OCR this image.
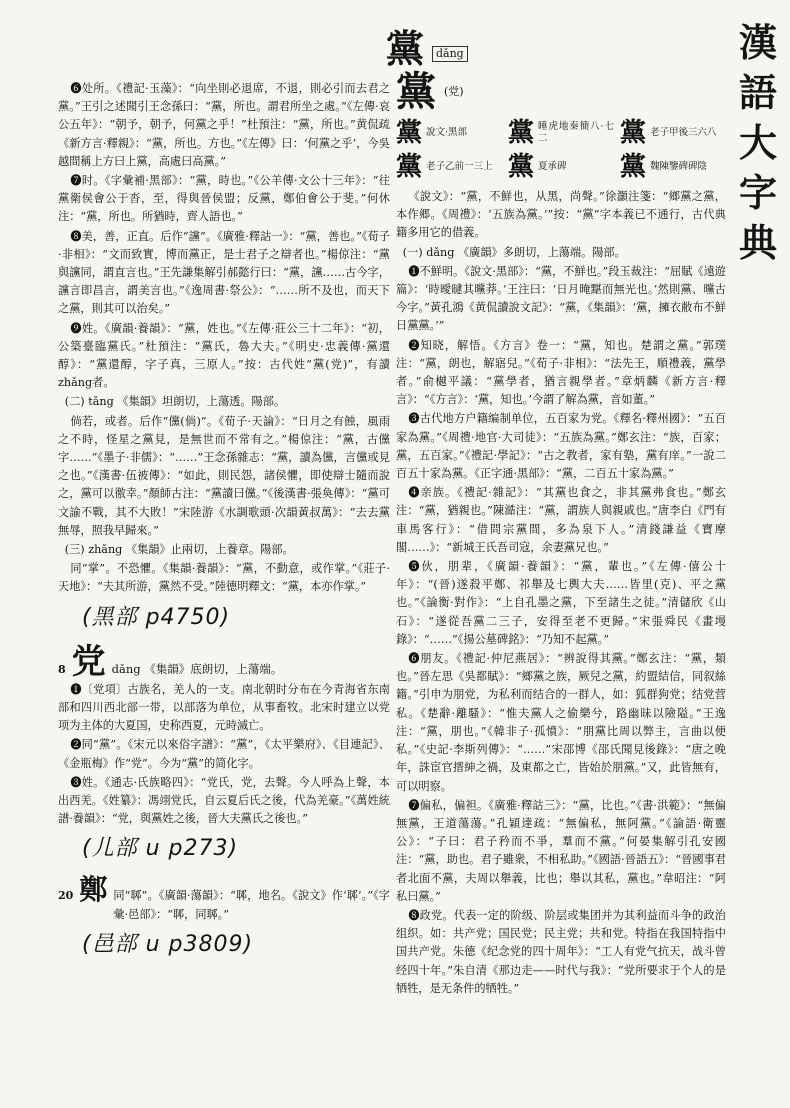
黨 dǎng	漢
語
大
字
典

❻处所。《禮記·玉藻》：“向坐則必退席，不退，則必引而去君之黨。”王引之述聞引王念孫曰：“黨，所也。謂君所坐之處。”《左傳·哀公五年》：“朝予，朝予，何黨之乎！”杜預注：“黨，所也。”黄侃疏《新方言·釋親》：“黨，所也。方也。”《左傳》曰：‘何黨之乎’，今吳越間稱上方曰上黨，高處曰高黨。”

❼时。《字彙補·黑部》：“黨，時也。”《公羊傳·文公十三年》：“往黨衛侯會公于沓，至，得與晉侯盟；反黨，鄭伯會公于斐。”何休注：“黨，所也。所猶時，齊人語也。”

❽美，善，正直。后作“讜”。《廣雅·釋詁一》：“黨，善也。”《荀子·非相》：“文而致實，博而黨正，是士君子之辯者也。”楊倞注：“黨與讜同，謂直言也。”王先謙集解引郝懿行曰：“黨，讜……古今字，讜言即昌言，謂美言也。”《逸周書·祭公》：“……所不及也，而天下之黨，則其可以治矣。”

❾姓。《廣韻·養韻》：“黨，姓也。”《左傳·莊公三十二年》：“初，公築臺臨黨氏。”杜預注：“黨氏，魯大夫。”《明史·忠義傳·黨還醇》：“黨還醇，字子真，三原人。”按：古代姓“黨(党)”，有讀zhǎng者。

(二) tǎng 《集韻》坦朗切，上蕩透。陽部。

倘若，或者。后作“儻(倘)”。《荀子·天論》：“日月之有蝕，風雨之不時，怪星之黨見，是無世而不常有之。”楊倞注：“黨，古儻字……”《墨子·非儒》：“……”王念孫雜志：“黨，讀為儻，言儻或見之也。”《漢書·伍被傳》：“如此，則民怨，諸侯懼，即使辯士隨而說之，黨可以徼幸。”顏師古注：“黨讀曰儻。”《後漢書·張奐傳》：“黨可文諭不戰，其不大敗！”宋陸游《水調歌頭·次韻黃叔萬》：“去去黨無辱，照我早歸來。”

(三) zhǎng 《集韻》止兩切，上養章。陽部。

同“掌”。不恐懼。《集韻·養韻》：“黨，不動意，或作掌。”《莊子·天地》：“夫其所游，黨然不受。”陸德明釋文：“黨，本亦作掌。”

(黑部 p4750)
8 党 dǎng 《集韻》底朗切，上蕩端。

❶〔党項〕古族名，羌人的一支。南北朝时分布在今青海省东南部和四川西北部一带，以部落为单位，从事畜牧。北宋时建立以党项为主体的大夏国，史称西夏，元時滅亡。

❷同“黨”。《宋元以來俗字譜》：“黨”，《太平樂府》、《目連記》、《金瓶梅》作“党”。今为“黨”的简化字。

❸姓。《通志·氏族略四》：“党氏，党，去聲。今人呼為上聲，本出西羌。《姓纂》：馮翊党氏，自云夏后氏之後，代為羌豪。”《萬姓統譜·養韻》：“党，與黨姓之後，晉大夫黨氏之後也。”

(儿部 u p273)
20 鄭 同“郰”。《廣韻·蕩韻》：“郰，地名。《說文》作‘郰’。”《字彙·邑部》：“郰，同郰。”
(邑部 u p3809)
黨 (党)
黨 說文·黑部 黨 睡虎地秦簡八·七二	黨 老子甲後三六八
黨 老子乙前一三上 黨 夏承碑 黨 魏陳鑒碑碑陰

《說文》：“黨，不鮮也，从黑，尚聲。”徐灝注箋：“鄉黨之黨，本作郷。《周禮》：‘五族為黨。’”按：“黨”字本義已不通行，古代典籍多用它的借義。

(一) dǎng 《廣韻》多朗切，上蕩端。陽部。

❶不鮮明。《說文·黑部》：“黨，不鮮也。”段玉裁注：“屈賦《遠遊篇》：‘時曖曃其曭莽。’王注曰：‘日月晻黮而無光也。’然則黨、曭古今字。”黃孔鴻《黄侃讀說文記》：“黨，《集韻》：‘黨，擁衣敝布不鮮日黨黨。’”

❷知晓，解悟。《方言》卷一：“黨，知也。楚謂之黨。”郭璞注：“黨，朗也，解寤兒。”《荀子·非相》：“法先王，順禮義，黨學者。”俞樾平議：“黨學者，猶言親學者。”章炳麟《新方言·釋言》：“《方言》：‘黨，知也。’今謂了解為黨，音如董。”

❸古代地方户籍编制单位，五百家为党。《釋名·釋州國》：“五百家為黨。”《周禮·地官·大司徒》：“五族為黨。”鄭玄注：“族，百家；黨，五百家。”《禮記·學記》：“古之教者，家有塾，黨有庠。”一說二百五十家為黨。《正字通·黑部》：“黨，二百五十家為黨。”

❹亲族。《禮記·雜記》：“其黨也食之，非其黨弗食也。”鄭玄注：“黨，猶親也。”陳澔注：“黨，謂族人與親戚也。”唐李白《門有車馬客行》：“借問宗黨間，多為泉下人。”清錢謙益《寶摩閣……》：“新城王氏吾司寇，余妻黨兄也。”

❺伙，朋辈，《廣韻·養韻》：“黨，輩也。”《左傳·僖公十年》：“(晉)遂殺平鄭、祁舉及七輿大夫……皆里(克)、平之黨也。”《論衡·對作》：“上自孔墨之黨，下至諸生之徒。”清儲欣《山石》：“遂從吾黨二三子，安得至老不更歸。”宋張舜民《畫墁錄》：“……”《揚公墓碑銘》：“乃知不起黨。”

❻朋友。《禮記·仲尼燕居》：“辨說得其黨。”鄭玄注：“黨，類也。”晉左思《吳都賦》：“鄉黨之族，厥兒之黨，約盟結信，同叙絲籍。”引申为朋党，为私利而结合的一群人，如：狐群狗党；结党营私。《楚辭·離騷》：“惟夫黨人之偷樂兮，路幽昧以險隘。”王逸注：“黨，朋也。”《韓非子·孤憤》：“朋黨比周以弊主，言曲以便私。”《史記·李斯列傳》：“……”宋邵博《邵氏聞見後錄》：“唐之晚年，誅宦官搢紳之禍，及東都之亡，皆始於朋黨。”又，此皆無有，可以明察。

❼偏私，偏袒。《廣雅·釋詁三》：“黨，比也。”《書·洪範》：“無偏無黨，王道蕩蕩。”孔穎達疏：“無偏私，無阿黨。”《論語·衛靈公》：“子曰：君子矜而不爭，羣而不黨。”何晏集解引孔安國注：“黨，助也。君子雖衆，不相私助。”《國語·晉語五》：“晉國事君者北面不黨，夫周以舉義，比也；舉以其私，黨也。”韋昭注：“阿私曰黨。”

❽政党。代表一定的阶级、阶层或集团并为其利益而斗争的政治组织。如：共产党；国民党；民主党；共和党。特指在我国特指中国共产党。朱德《纪念党的四十周年》：“工人有党气抗天，战斗曾经四十年。”朱自清《那边走——时代与我》：“党所要求于个人的是牺牲，是无条件的牺牲。”
